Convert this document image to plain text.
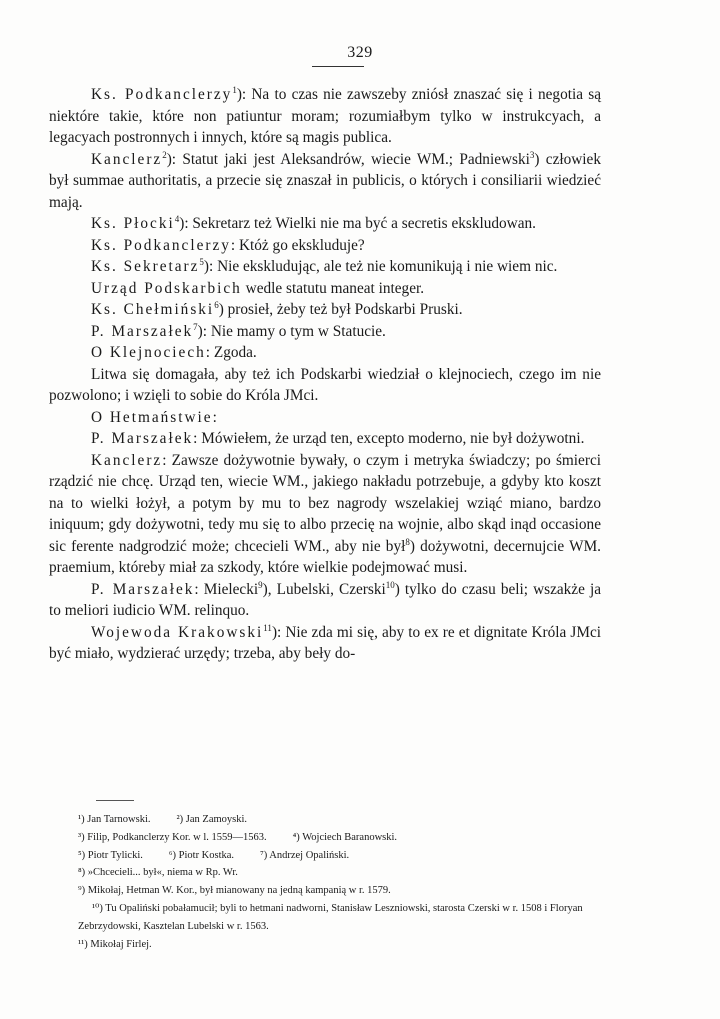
329

Ks. Podkanclerzy$^1$): Na to czas nie zawszeby zniósł znaszać się i negotia są niektóre takie, które non patiuntur moram; rozumiałbym tylko w instrukcyach, a legacyach postronnych i innych, które są magis publica.

Kanclerz$^2$): Statut jaki jest Aleksandrów, wiecie WM.; Padniewski$^3$) człowiek był summae authoritatis, a przecie się znaszał in publicis, o których i consiliarii wiedzieć mają.

Ks. Płocki$^4$): Sekretarz też Wielki nie ma być a secretis ekskludowan.

Ks. Podkanclerzy: Któż go ekskluduje?

Ks. Sekretarz$^5$): Nie ekskludując, ale też nie komunikują i nie wiem nic.

Urząd Podskarbich wedle statutu maneat integer.

Ks. Chełmiński$^6$) prosieł, żeby też był Podskarbi Pruski.

P. Marszałek$^7$): Nie mamy o tym w Statucie.

O Klejnociech: Zgoda.

Litwa się domagała, aby też ich Podskarbi wiedział o klejnociech, czego im nie pozwolono; i wzięli to sobie do Króla JMci.

O Hetmaństwie:

P. Marszałek: Mówiełem, że urząd ten, excepto moderno, nie był dożywotni.

Kanclerz: Zawsze dożywotnie bywały, o czym i metryka świadczy; po śmierci rządzić nie chcę. Urząd ten, wiecie WM., jakiego nakładu potrzebuje, a gdyby kto koszt na to wielki łożył, a potym by mu to bez nagrody wszelakiej wziąć miano, bardzo iniquum; gdy dożywotni, tedy mu się to albo przecię na wojnie, albo skąd inąd occasione sic ferente nadgrodzić może; chcecieli WM., aby nie był$^8$) dożywotni, decernujcie WM. praemium, któreby miał za szkody, które wielkie podejmować musi.

P. Marszałek: Mielecki$^9$), Lubelski, Czerski$^{10}$) tylko do czasu beli; wszakże ja to meliori iudicio WM. relinquo.

Wojewoda Krakowski$^{11}$): Nie zda mi się, aby to ex re et dignitate Króla JMci być miało, wydzierać urzędy; trzeba, aby beły do-

¹) Jan Tarnowski. ²) Jan Zamoyski.
³) Filip, Podkanclerzy Kor. w l. 1559—1563. ⁴) Wojciech Baranowski.
⁵) Piotr Tylicki. ⁶) Piotr Kostka. ⁷) Andrzej Opaliński.
⁸) »Chcecieli... był«, niema w Rp. Wr.
⁹) Mikołaj, Hetman W. Kor., był mianowany na jedną kampanią w r. 1579.
¹⁰) Tu Opaliński pobałamucił; byli to hetmani nadworni, Stanisław Leszniowski, starosta Czerski w r. 1508 i Floryan Zebrzydowski, Kasztelan Lubelski w r. 1563.
¹¹) Mikołaj Firlej.
